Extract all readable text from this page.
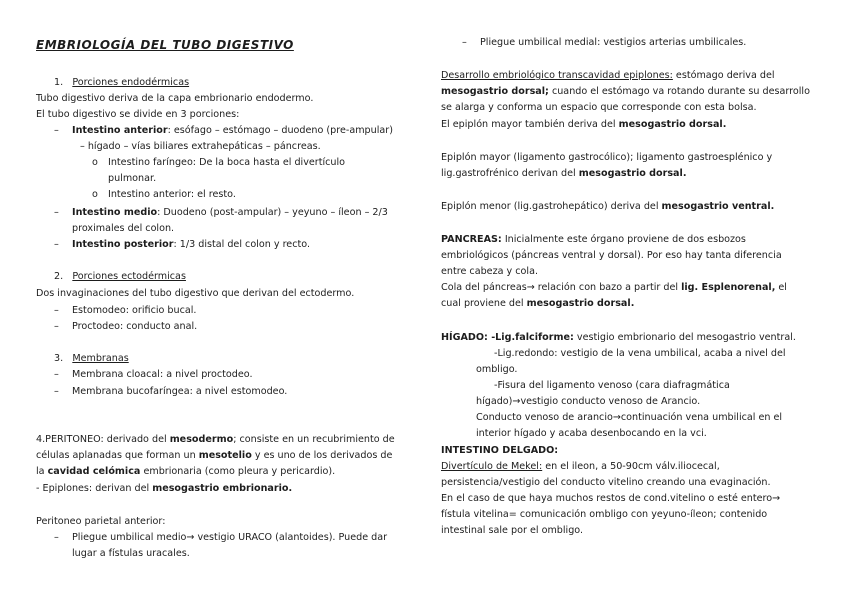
EMBRIOLOGÍA DEL TUBO DIGESTIVO
1. Porciones endodérmicas
Tubo digestivo deriva de la capa embrionario endodermo.
El tubo digestivo se divide en 3 porciones:
– Intestino anterior: esófago – estómago – duodeno (pre-ampular)
– hígado – vías biliares extrahepáticas – páncreas.
o Intestino faríngeo: De la boca hasta el divertículo
pulmonar.
o Intestino anterior: el resto.
– Intestino medio: Duodeno (post-ampular) – yeyuno – íleon – 2/3
proximales del colon.
– Intestino posterior: 1/3 distal del colon y recto.
2. Porciones ectodérmicas
Dos invaginaciones del tubo digestivo que derivan del ectodermo.
– Estomodeo: orificio bucal.
– Proctodeo: conducto anal.
3. Membranas
– Membrana cloacal: a nivel proctodeo.
– Membrana bucofaríngea: a nivel estomodeo.
4.PERITONEO: derivado del mesodermo; consiste en un recubrimiento de
células aplanadas que forman un mesotelio y es uno de los derivados de
la cavidad celómica embrionaria (como pleura y pericardio).
- Epiplones: derivan del mesogastrio embrionario.
Peritoneo parietal anterior:
– Pliegue umbilical medio→ vestigio URACO (alantoides). Puede dar
lugar a fístulas uracales.
– Pliegue umbilical medial: vestigios arterias umbilicales.
Desarrollo embriológico transcavidad epiplones: estómago deriva del
mesogastrio dorsal; cuando el estómago va rotando durante su desarrollo
se alarga y conforma un espacio que corresponde con esta bolsa.
El epiplón mayor también deriva del mesogastrio dorsal.
Epiplón mayor (ligamento gastrocólico); ligamento gastroesplénico y
lig.gastrofrénico derivan del mesogastrio dorsal.
Epiplón menor (lig.gastrohepático) deriva del mesogastrio ventral.
PANCREAS: Inicialmente este órgano proviene de dos esbozos
embriológicos (páncreas ventral y dorsal). Por eso hay tanta diferencia
entre cabeza y cola.
Cola del páncreas→ relación con bazo a partir del lig. Esplenorenal, el
cual proviene del mesogastrio dorsal.
HÍGADO: -Lig.falciforme: vestigio embrionario del mesogastrio ventral.
-Lig.redondo: vestigio de la vena umbilical, acaba a nivel del
ombligo.
-Fisura del ligamento venoso (cara diafragmática
hígado)→vestigio conducto venoso de Arancio.
Conducto venoso de arancio→continuación vena umbilical en el
interior hígado y acaba desenbocando en la vci.
INTESTINO DELGADO:
Divertículo de Mekel: en el ileon, a 50-90cm válv.iliocecal,
persistencia/vestigio del conducto vitelino creando una evaginación.
En el caso de que haya muchos restos de cond.vitelino o esté entero→
fístula vitelina= comunicación ombligo con yeyuno-íleon; contenido
intestinal sale por el ombligo.
